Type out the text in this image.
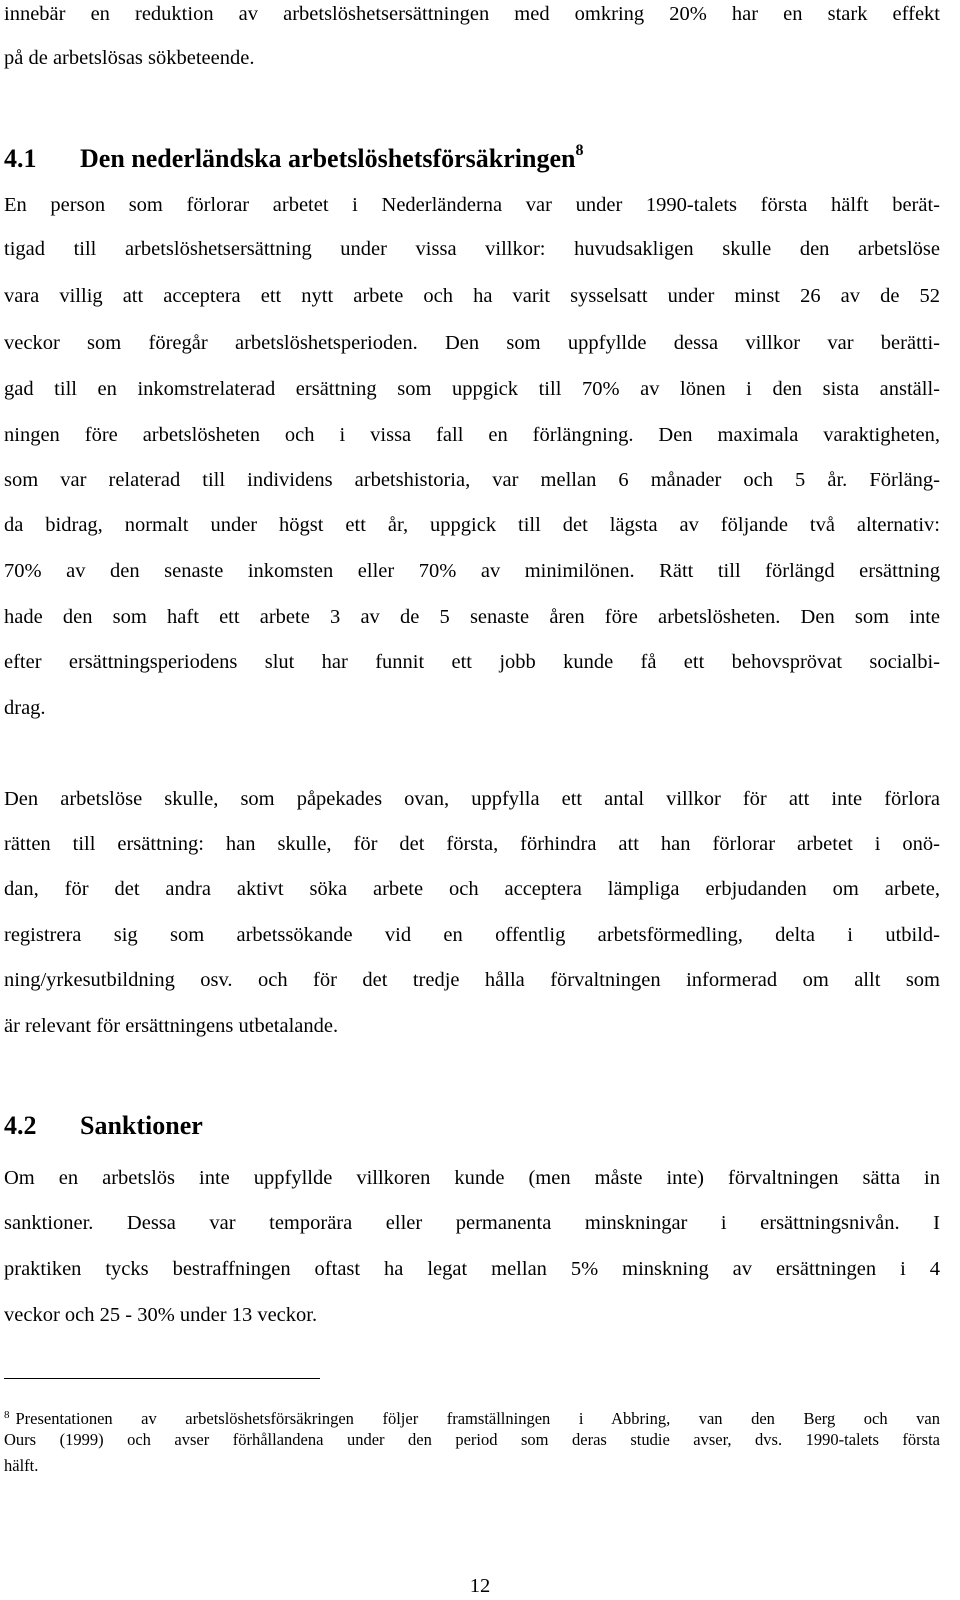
innebär en reduktion av arbetslöshetsersättningen med omkring 20% har en stark effekt
på de arbetslösas sökbeteende.
4.1 Den nederländska arbetslöshetsförsäkringen$^8$
En person som förlorar arbetet i Nederländerna var under 1990-talets första hälft berät-
tigad till arbetslöshetsersättning under vissa villkor: huvudsakligen skulle den arbetslöse
vara villig att acceptera ett nytt arbete och ha varit sysselsatt under minst 26 av de 52
veckor som föregår arbetslöshetsperioden. Den som uppfyllde dessa villkor var berätti-
gad till en inkomstrelaterad ersättning som uppgick till 70% av lönen i den sista anställ-
ningen före arbetslösheten och i vissa fall en förlängning. Den maximala varaktigheten,
som var relaterad till individens arbetshistoria, var mellan 6 månader och 5 år. Förläng-
da bidrag, normalt under högst ett år, uppgick till det lägsta av följande två alternativ:
70% av den senaste inkomsten eller 70% av minimilönen. Rätt till förlängd ersättning
hade den som haft ett arbete 3 av de 5 senaste åren före arbetslösheten. Den som inte
efter ersättningsperiodens slut har funnit ett jobb kunde få ett behovsprövat socialbi-
drag.
Den arbetslöse skulle, som påpekades ovan, uppfylla ett antal villkor för att inte förlora
rätten till ersättning: han skulle, för det första, förhindra att han förlorar arbetet i onö-
dan, för det andra aktivt söka arbete och acceptera lämpliga erbjudanden om arbete,
registrera sig som arbetssökande vid en offentlig arbetsförmedling, delta i utbild-
ning/yrkesutbildning osv. och för det tredje hålla förvaltningen informerad om allt som
är relevant för ersättningens utbetalande.
4.2 Sanktioner
Om en arbetslös inte uppfyllde villkoren kunde (men måste inte) förvaltningen sätta in
sanktioner. Dessa var temporära eller permanenta minskningar i ersättningsnivån. I
praktiken tycks bestraffningen oftast ha legat mellan 5% minskning av ersättningen i 4
veckor och 25 - 30% under 13 veckor.
$^8$ Presentationen av arbetslöshetsförsäkringen följer framställningen i Abbring, van den Berg och van
Ours (1999) och avser förhållandena under den period som deras studie avser, dvs. 1990-talets första
hälft.
12
